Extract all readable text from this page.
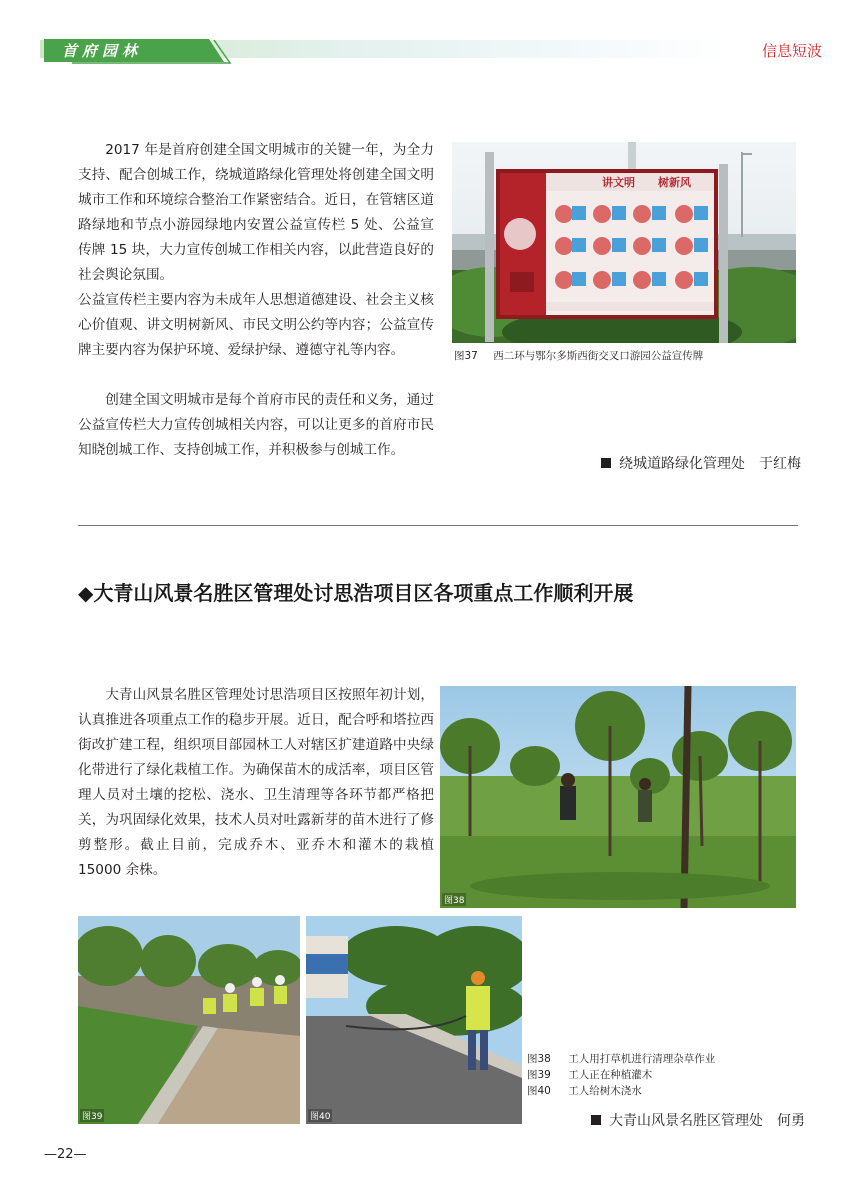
首府园林	信息短波

2017 年是首府创建全国文明城市的关键一年，为全力支持、配合创城工作，绕城道路绿化管理处将创建全国文明城市工作和环境综合整治工作紧密结合。近日，在管辖区道路绿地和节点小游园绿地内安置公益宣传栏 5 处、公益宣传牌 15 块，大力宣传创城工作相关内容，以此营造良好的社会舆论氛围。

公益宣传栏主要内容为未成年人思想道德建设、社会主义核心价值观、讲文明树新风、市民文明公约等内容；公益宣传牌主要内容为保护环境、爱绿护绿、遵德守礼等内容。

创建全国文明城市是每个首府市民的责任和义务，通过公益宣传栏大力宣传创城相关内容，可以让更多的首府市民知晓创城工作、支持创城工作，并积极参与创城工作。

讲文明 树新风
图37 西二环与鄂尔多斯西街交叉口游园公益宣传牌
绕城道路绿化管理处　于红梅
◆大青山风景名胜区管理处讨思浩项目区各项重点工作顺利开展

大青山风景名胜区管理处讨思浩项目区按照年初计划，认真推进各项重点工作的稳步开展。近日，配合呼和塔拉西街改扩建工程，组织项目部园林工人对辖区扩建道路中央绿化带进行了绿化栽植工作。为确保苗木的成活率，项目区管理人员对土壤的挖松、浇水、卫生清理等各环节都严格把关，为巩固绿化效果，技术人员对吐露新芽的苗木进行了修剪整形。截止目前，完成乔木、亚乔木和灌木的栽植 15000 余株。

图38
图39	图40
图38 工人用打草机进行清理杂草作业
图39 工人正在种植灌木
图40 工人给树木浇水
大青山风景名胜区管理处　何勇
—22—
